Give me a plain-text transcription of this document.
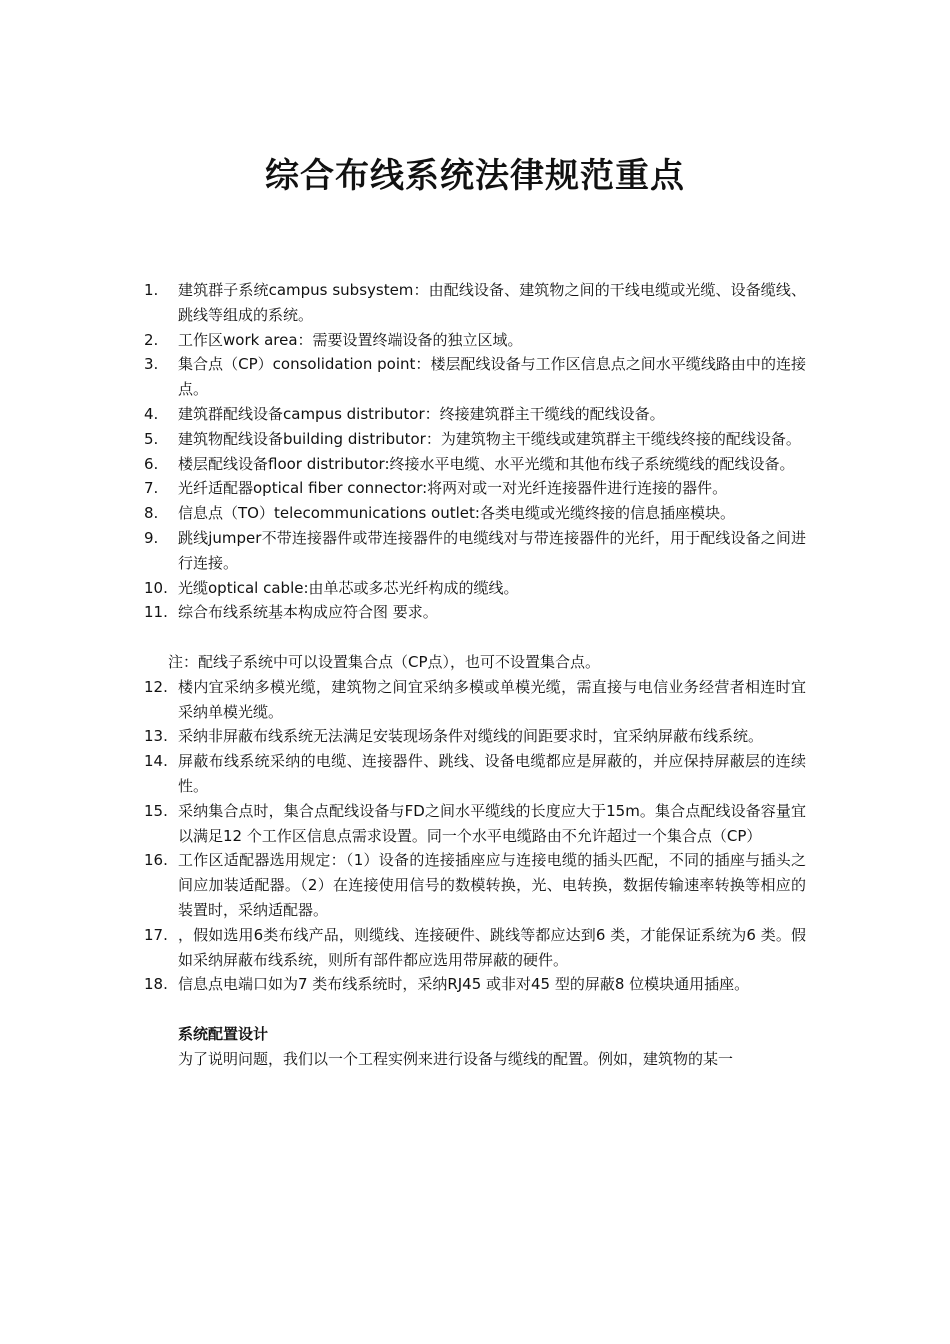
综合布线系统法律规范重点
1. 建筑群子系统campus subsystem：由配线设备、建筑物之间的干线电缆或光缆、设备缆线、跳线等组成的系统。
2. 工作区work area：需要设置终端设备的独立区域。
3. 集合点（CP）consolidation point：楼层配线设备与工作区信息点之间水平缆线路由中的连接点。
4. 建筑群配线设备campus distributor：终接建筑群主干缆线的配线设备。
5. 建筑物配线设备building distributor：为建筑物主干缆线或建筑群主干缆线终接的配线设备。
6. 楼层配线设备floor distributor:终接水平电缆、水平光缆和其他布线子系统缆线的配线设备。
7. 光纤适配器optical fiber connector:将两对或一对光纤连接器件进行连接的器件。
8. 信息点（TO）telecommunications outlet:各类电缆或光缆终接的信息插座模块。
9. 跳线jumper不带连接器件或带连接器件的电缆线对与带连接器件的光纤，用于配线设备之间进行连接。
10. 光缆optical cable:由单芯或多芯光纤构成的缆线。
11. 综合布线系统基本构成应符合图 要求。
注：配线子系统中可以设置集合点（CP点），也可不设置集合点。
12. 楼内宜采纳多模光缆，建筑物之间宜采纳多模或单模光缆，需直接与电信业务经营者相连时宜采纳单模光缆。
13. 采纳非屏蔽布线系统无法满足安装现场条件对缆线的间距要求时，宜采纳屏蔽布线系统。
14. 屏蔽布线系统采纳的电缆、连接器件、跳线、设备电缆都应是屏蔽的，并应保持屏蔽层的连续性。
15. 采纳集合点时，集合点配线设备与FD之间水平缆线的长度应大于15m。集合点配线设备容量宜以满足12 个工作区信息点需求设置。同一个水平电缆路由不允许超过一个集合点（CP）
16. 工作区适配器选用规定：（1）设备的连接插座应与连接电缆的插头匹配，不同的插座与插头之间应加装适配器。（2）在连接使用信号的数模转换，光、电转换，数据传输速率转换等相应的装置时，采纳适配器。
17. ，假如选用6类布线产品，则缆线、连接硬件、跳线等都应达到6 类，才能保证系统为6 类。假如采纳屏蔽布线系统，则所有部件都应选用带屏蔽的硬件。
18. 信息点电端口如为7 类布线系统时，采纳RJ45 或非对45 型的屏蔽8 位模块通用插座。
系统配置设计
为了说明问题，我们以一个工程实例来进行设备与缆线的配置。例如，建筑物的某一
